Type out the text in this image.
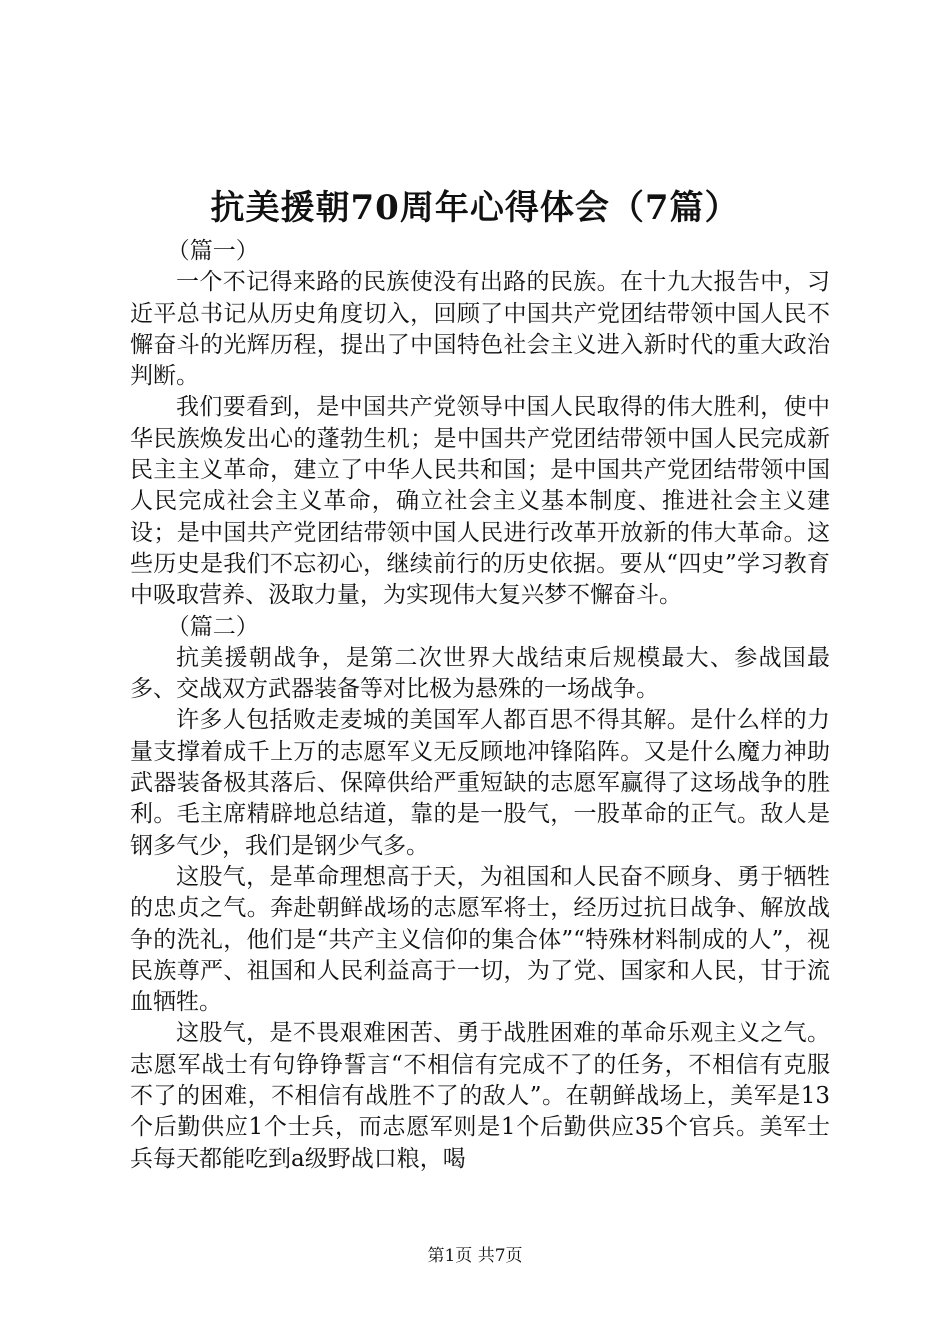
抗美援朝70周年心得体会（7篇）

（篇一）

一个不记得来路的民族使没有出路的民族。在十九大报告中，习近平总书记从历史角度切入，回顾了中国共产党团结带领中国人民不懈奋斗的光辉历程，提出了中国特色社会主义进入新时代的重大政治判断。

我们要看到，是中国共产党领导中国人民取得的伟大胜利，使中华民族焕发出心的蓬勃生机；是中国共产党团结带领中国人民完成新民主主义革命，建立了中华人民共和国；是中国共产党团结带领中国人民完成社会主义革命，确立社会主义基本制度、推进社会主义建设；是中国共产党团结带领中国人民进行改革开放新的伟大革命。这些历史是我们不忘初心，继续前行的历史依据。要从“四史”学习教育中吸取营养、汲取力量，为实现伟大复兴梦不懈奋斗。

（篇二）

抗美援朝战争，是第二次世界大战结束后规模最大、参战国最多、交战双方武器装备等对比极为悬殊的一场战争。

许多人包括败走麦城的美国军人都百思不得其解。是什么样的力量支撑着成千上万的志愿军义无反顾地冲锋陷阵。又是什么魔力神助武器装备极其落后、保障供给严重短缺的志愿军赢得了这场战争的胜利。毛主席精辟地总结道，靠的是一股气，一股革命的正气。敌人是钢多气少，我们是钢少气多。

这股气，是革命理想高于天，为祖国和人民奋不顾身、勇于牺牲的忠贞之气。奔赴朝鲜战场的志愿军将士，经历过抗日战争、解放战争的洗礼，他们是“共产主义信仰的集合体”“特殊材料制成的人”，视民族尊严、祖国和人民利益高于一切，为了党、国家和人民，甘于流血牺牲。

这股气，是不畏艰难困苦、勇于战胜困难的革命乐观主义之气。志愿军战士有句铮铮誓言“不相信有完成不了的任务，不相信有克服不了的困难，不相信有战胜不了的敌人”。在朝鲜战场上，美军是13个后勤供应1个士兵，而志愿军则是1个后勤供应35个官兵。美军士兵每天都能吃到a级野战口粮，喝

第1页 共7页
